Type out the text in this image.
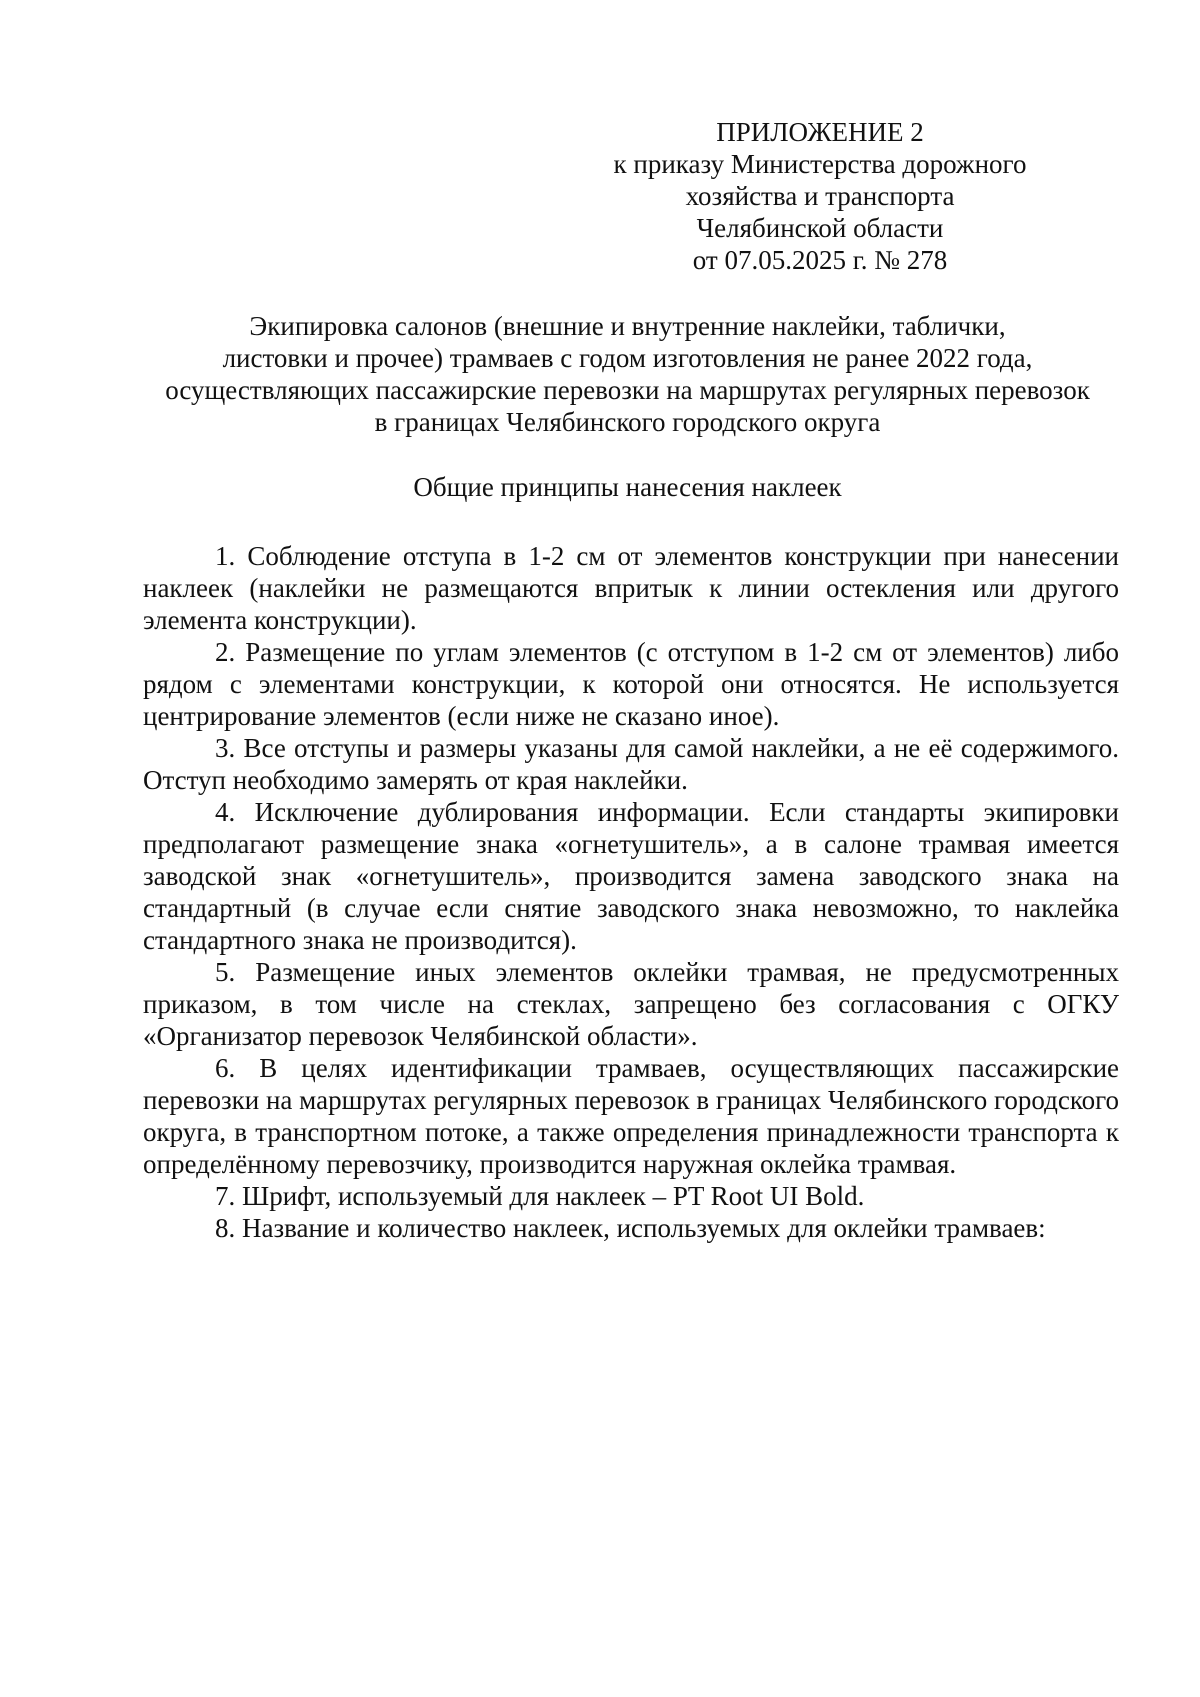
ПРИЛОЖЕНИЕ 2
к приказу Министерства дорожного
хозяйства и транспорта
Челябинской области
от 07.05.2025 г. № 278
Экипировка салонов (внешние и внутренние наклейки, таблички,
листовки и прочее) трамваев с годом изготовления не ранее 2022 года,
осуществляющих пассажирские перевозки на маршрутах регулярных перевозок
в границах Челябинского городского округа
Общие принципы нанесения наклеек

1. Соблюдение отступа в 1-2 см от элементов конструкции при нанесении наклеек (наклейки не размещаются впритык к линии остекления или другого элемента конструкции).

2. Размещение по углам элементов (с отступом в 1-2 см от элементов) либо рядом с элементами конструкции, к которой они относятся. Не используется центрирование элементов (если ниже не сказано иное).

3. Все отступы и размеры указаны для самой наклейки, а не её содержимого. Отступ необходимо замерять от края наклейки.

4. Исключение дублирования информации. Если стандарты экипировки предполагают размещение знака «огнетушитель», а в салоне трамвая имеется заводской знак «огнетушитель», производится замена заводского знака на стандартный (в случае если снятие заводского знака невозможно, то наклейка стандартного знака не производится).

5. Размещение иных элементов оклейки трамвая, не предусмотренных приказом, в том числе на стеклах, запрещено без согласования с ОГКУ «Организатор перевозок Челябинской области».

6. В целях идентификации трамваев, осуществляющих пассажирские перевозки на маршрутах регулярных перевозок в границах Челябинского городского округа, в транспортном потоке, а также определения принадлежности транспорта к определённому перевозчику, производится наружная оклейка трамвая.

7. Шрифт, используемый для наклеек – PT Root UI Bold.

8. Название и количество наклеек, используемых для оклейки трамваев:
